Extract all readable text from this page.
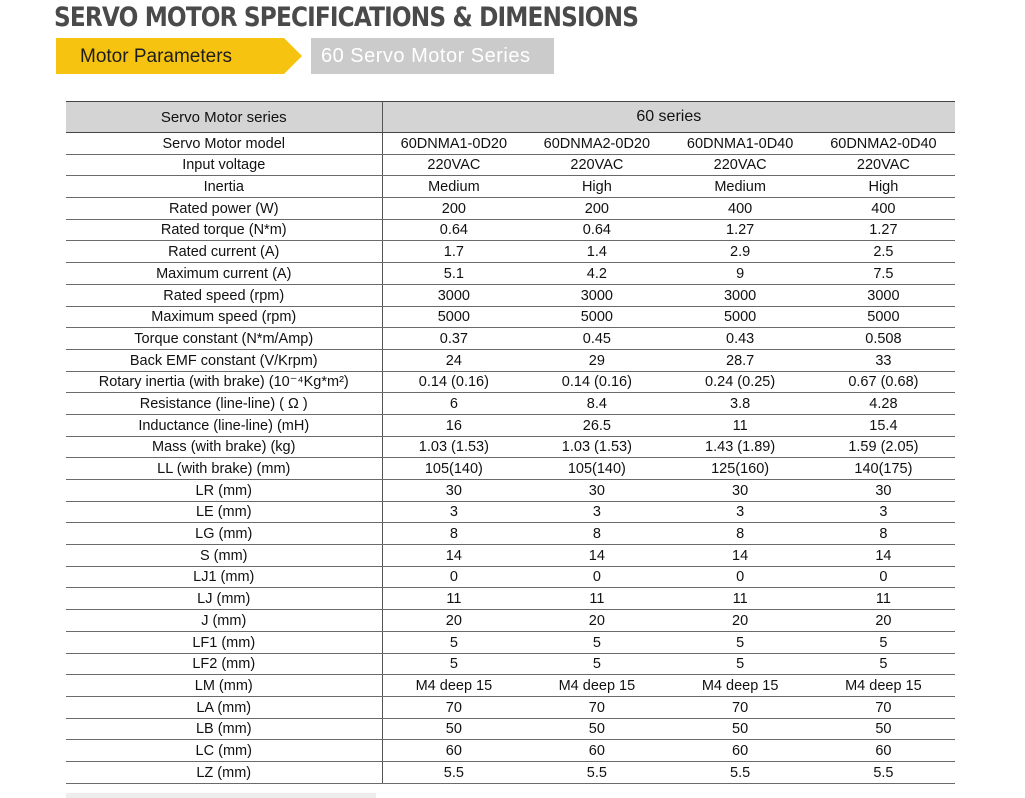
SERVO MOTOR SPECIFICATIONS & DIMENSIONS
Motor Parameters	60 Servo Motor Series
Servo Motor series	60 series			
Servo Motor model	60DNMA1-0D20	60DNMA2-0D20	60DNMA1-0D40	60DNMA2-0D40
Input voltage	220VAC	220VAC	220VAC	220VAC
Inertia	Medium	High	Medium	High
Rated power (W)	200	200	400	400
Rated torque (N*m)	0.64	0.64	1.27	1.27
Rated current (A)	1.7	1.4	2.9	2.5
Maximum current (A)	5.1	4.2	9	7.5
Rated speed (rpm)	3000	3000	3000	3000
Maximum speed (rpm)	5000	5000	5000	5000
Torque constant (N*m/Amp)	0.37	0.45	0.43	0.508
Back EMF constant (V/Krpm)	24	29	28.7	33
Rotary inertia (with brake) (10⁻⁴Kg*m²)	0.14 (0.16)	0.14 (0.16)	0.24 (0.25)	0.67 (0.68)
Resistance (line-line) ( Ω )	6	8.4	3.8	4.28
Inductance (line-line) (mH)	16	26.5	11	15.4
Mass (with brake) (kg)	1.03 (1.53)	1.03 (1.53)	1.43 (1.89)	1.59 (2.05)
LL (with brake) (mm)	105(140)	105(140)	125(160)	140(175)
LR (mm)	30	30	30	30
LE (mm)	3	3	3	3
LG (mm)	8	8	8	8
S (mm)	14	14	14	14
LJ1 (mm)	0	0	0	0
LJ (mm)	11	11	11	11
J (mm)	20	20	20	20
LF1 (mm)	5	5	5	5
LF2 (mm)	5	5	5	5
LM (mm)	M4 deep 15	M4 deep 15	M4 deep 15	M4 deep 15
LA (mm)	70	70	70	70
LB (mm)	50	50	50	50
LC (mm)	60	60	60	60
LZ (mm)	5.5	5.5	5.5	5.5
